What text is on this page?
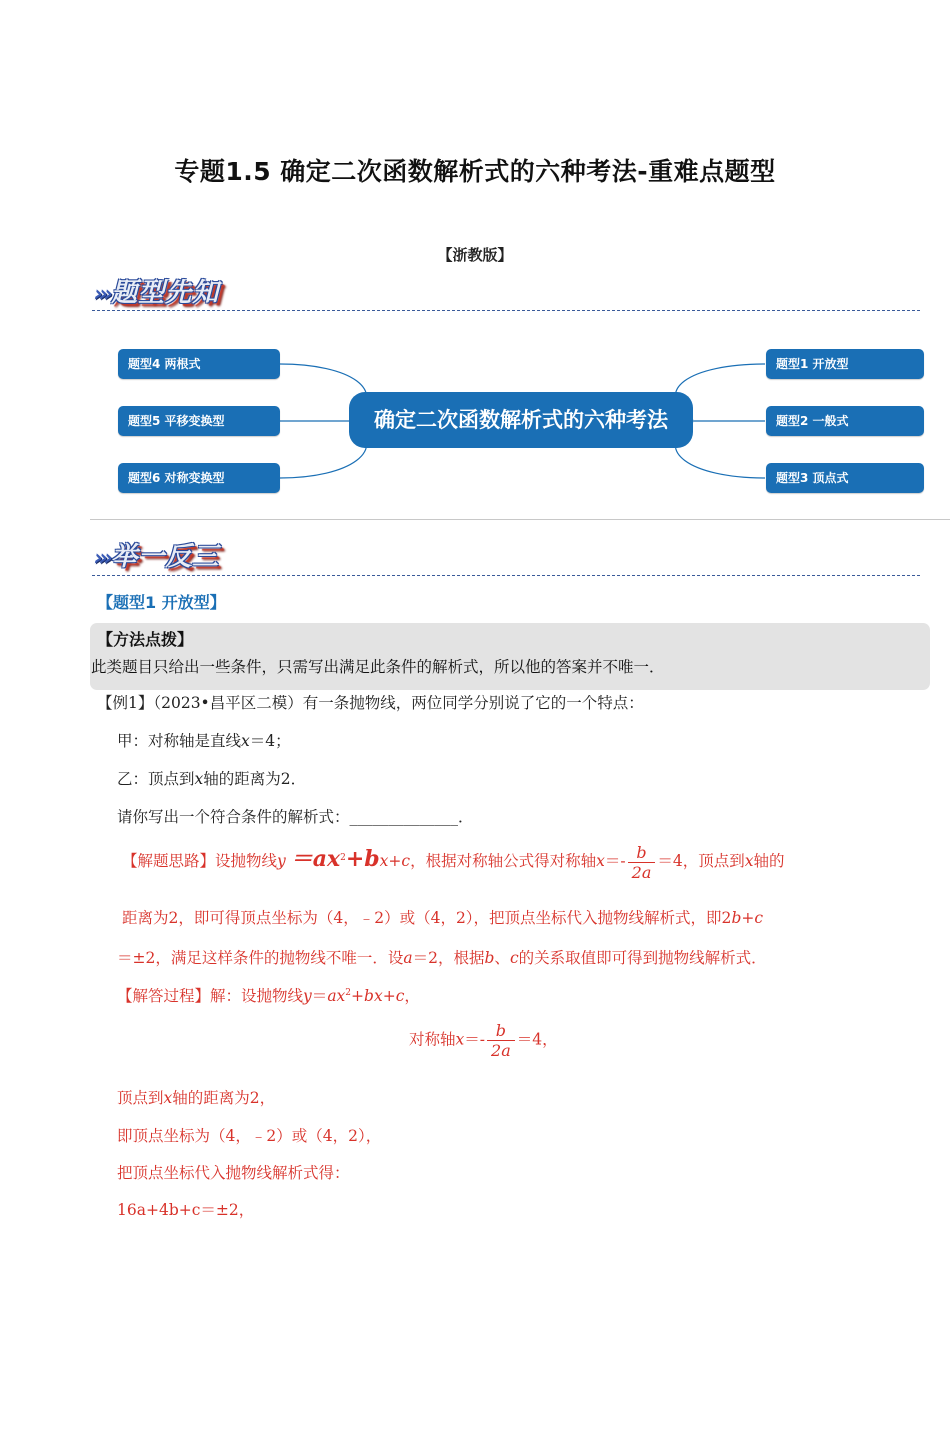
专题1.5 确定二次函数解析式的六种考法-重难点题型
【浙教版】
›››题型先知
题型4 两根式
题型5 平移变换型
题型6 对称变换型
确定二次函数解析式的六种考法
题型1 开放型
题型2 一般式
题型3 顶点式
›››举一反三
【题型1 开放型】
【方法点拨】
此类题目只给出一些条件，只需写出满足此条件的解析式，所以他的答案并不唯一．
【例1】（2023•昌平区二模）有一条抛物线，两位同学分别说了它的一个特点：
甲：对称轴是直线x＝4；
乙：顶点到x轴的距离为2．
请你写出一个符合条件的解析式：______________．
【解题思路】设抛物线$y =ax^2+bx+c$，根据对称轴公式得对称轴$x=- \frac{b}{2a} =4$，顶点到x轴的
距离为2，即可得顶点坐标为（4，﹣2）或（4，2），把顶点坐标代入抛物线解析式，即2b+c
＝±2，满足这样条件的抛物线不唯一．设a＝2，根据b、c的关系取值即可得到抛物线解析式．
【解答过程】解：设抛物线$y=ax^2+bx+c$，
对称轴$x=- \frac{b}{2a} =4$，
顶点到x轴的距离为2，
即顶点坐标为（4，﹣2）或（4，2），
把顶点坐标代入抛物线解析式得：
16a+4b+c＝±2，
